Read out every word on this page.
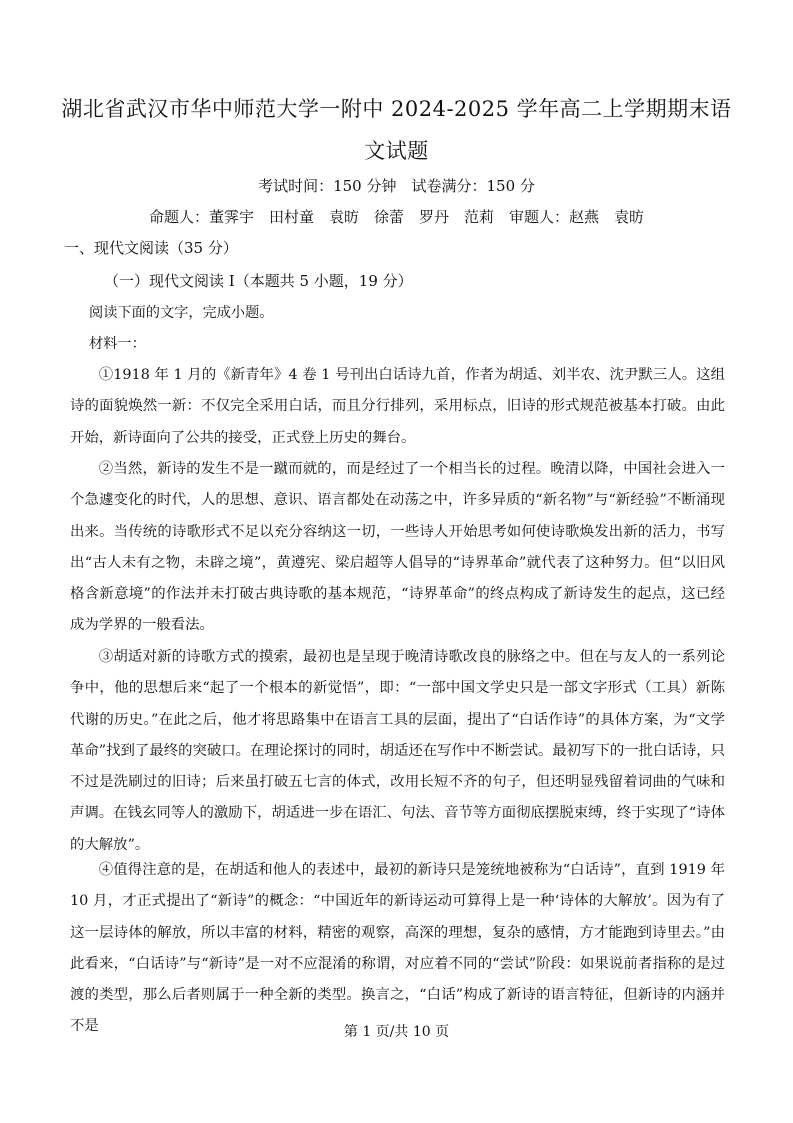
湖北省武汉市华中师范大学一附中 2024-2025 学年高二上学期期末语
文试题
考试时间：150 分钟　试卷满分：150 分
命题人：董霁宇　田村童　袁昉　徐蕾　罗丹　范莉　审题人：赵燕　袁昉
一、现代文阅读（35 分）
（一）现代文阅读 I（本题共 5 小题，19 分）
阅读下面的文字，完成小题。
材料一：

①1918 年 1 月的《新青年》4 卷 1 号刊出白话诗九首，作者为胡适、刘半农、沈尹默三人。这组诗的面貌焕然一新：不仅完全采用白话，而且分行排列，采用标点，旧诗的形式规范被基本打破。由此开始，新诗面向了公共的接受，正式登上历史的舞台。

②当然，新诗的发生不是一蹴而就的，而是经过了一个相当长的过程。晚清以降，中国社会进入一个急遽变化的时代，人的思想、意识、语言都处在动荡之中，许多异质的“新名物”与“新经验”不断涌现出来。当传统的诗歌形式不足以充分容纳这一切，一些诗人开始思考如何使诗歌焕发出新的活力，书写出“古人未有之物，未辟之境”，黄遵宪、梁启超等人倡导的“诗界革命”就代表了这种努力。但“以旧风格含新意境”的作法并未打破古典诗歌的基本规范，“诗界革命”的终点构成了新诗发生的起点，这已经成为学界的一般看法。

③胡适对新的诗歌方式的摸索，最初也是呈现于晚清诗歌改良的脉络之中。但在与友人的一系列论争中，他的思想后来“起了一个根本的新觉悟”，即：“一部中国文学史只是一部文字形式（工具）新陈代谢的历史。”在此之后，他才将思路集中在语言工具的层面，提出了“白话作诗”的具体方案，为“文学革命”找到了最终的突破口。在理论探讨的同时，胡适还在写作中不断尝试。最初写下的一批白话诗，只不过是洗刷过的旧诗；后来虽打破五七言的体式，改用长短不齐的句子，但还明显残留着词曲的气味和声调。在钱玄同等人的激励下，胡适进一步在语汇、句法、音节等方面彻底摆脱束缚，终于实现了“诗体的大解放”。

④值得注意的是，在胡适和他人的表述中，最初的新诗只是笼统地被称为“白话诗”，直到 1919 年 10 月，才正式提出了“新诗”的概念：“中国近年的新诗运动可算得上是一种‘诗体的大解放’。因为有了这一层诗体的解放，所以丰富的材料，精密的观察，高深的理想，复杂的感情，方才能跑到诗里去。”由此看来，“白话诗”与“新诗”是一对不应混淆的称谓，对应着不同的“尝试”阶段：如果说前者指称的是过渡的类型，那么后者则属于一种全新的类型。换言之，“白话”构成了新诗的语言特征，但新诗的内涵并不是	第 1 页/共 10 页
